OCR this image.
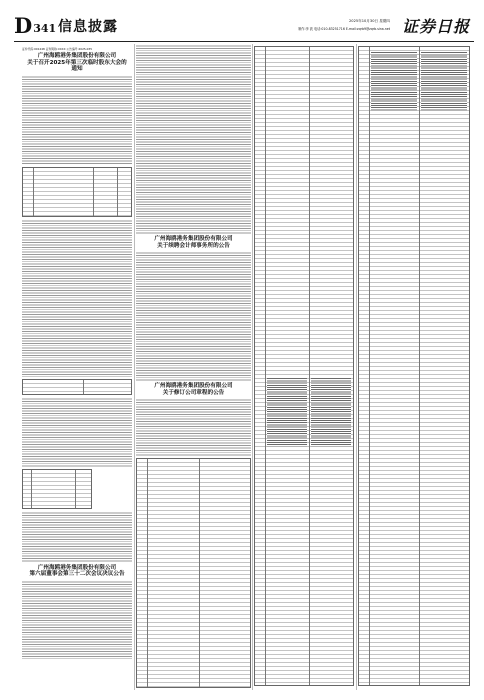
D341 信息披露	2025年10月30日 星期四
制作:李 波 电话:010-83251716 E-mail:zqrb9@zqrb.sina.net 证券日报
证券代码:001248 证券简称:XXXX 公告编号:2025-035
广州海鸥港务集团股份有限公司
关于召开2025年第三次临时股东大会的
通知
广州海鸥港务集团股份有限公司
第六届董事会第三十二次会议决议公告
广州海鸥港务集团股份有限公司
关于续聘会计师事务所的公告
广州海鸥港务集团股份有限公司
关于修订公司章程的公告
